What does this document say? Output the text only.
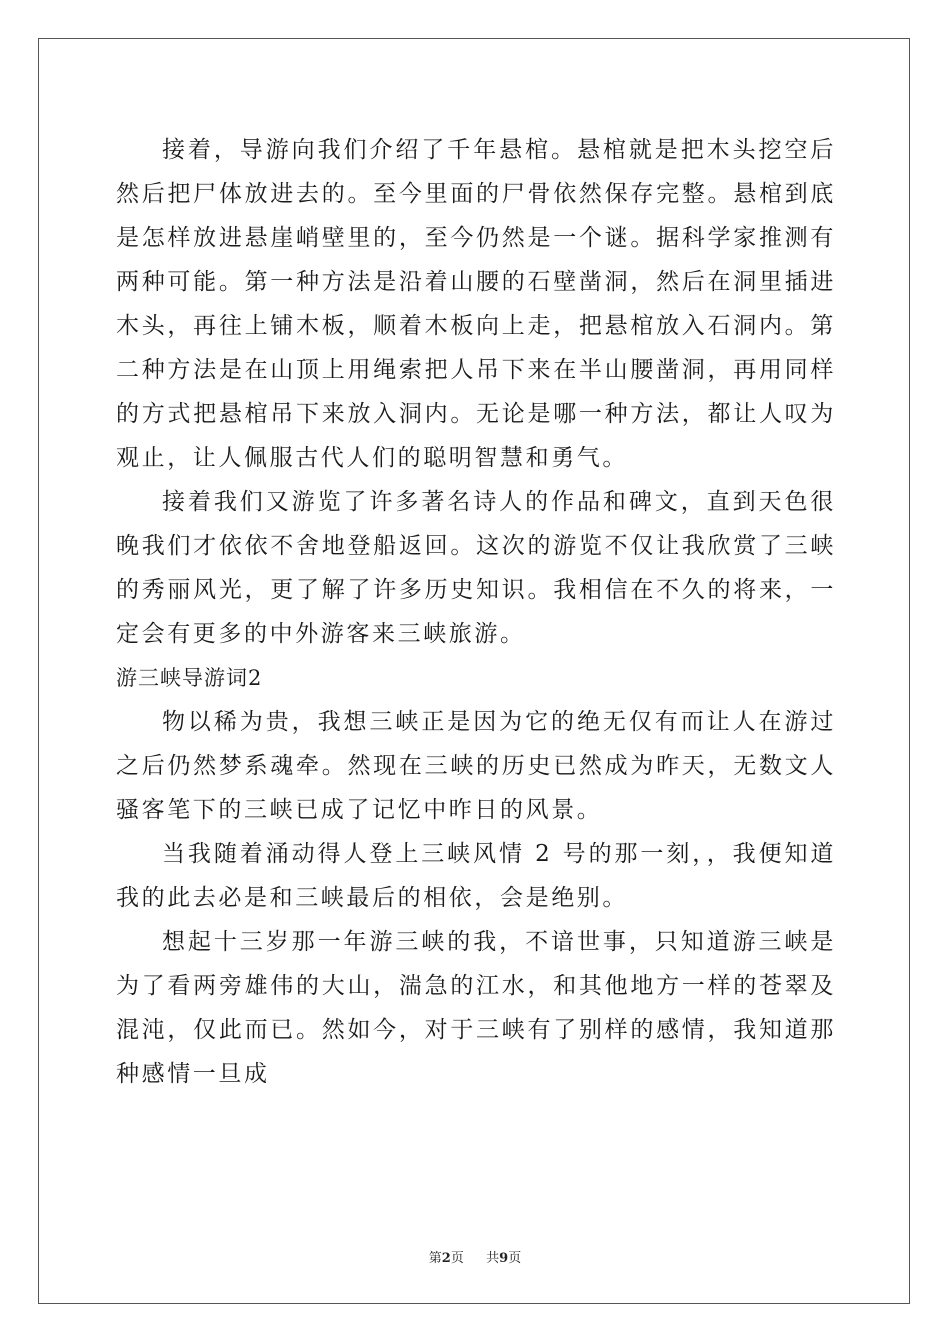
接着，导游向我们介绍了千年悬棺。悬棺就是把木头挖空后然后把尸体放进去的。至今里面的尸骨依然保存完整。悬棺到底是怎样放进悬崖峭壁里的，至今仍然是一个谜。据科学家推测有两种可能。第一种方法是沿着山腰的石壁凿洞，然后在洞里插进木头，再往上铺木板，顺着木板向上走，把悬棺放入石洞内。第二种方法是在山顶上用绳索把人吊下来在半山腰凿洞，再用同样的方式把悬棺吊下来放入洞内。无论是哪一种方法，都让人叹为观止，让人佩服古代人们的聪明智慧和勇气。

接着我们又游览了许多著名诗人的作品和碑文，直到天色很晚我们才依依不舍地登船返回。这次的游览不仅让我欣赏了三峡的秀丽风光，更了解了许多历史知识。我相信在不久的将来，一定会有更多的中外游客来三峡旅游。

游三峡导游词2

物以稀为贵，我想三峡正是因为它的绝无仅有而让人在游过之后仍然梦系魂牵。然现在三峡的历史已然成为昨天，无数文人骚客笔下的三峡已成了记忆中昨日的风景。

当我随着涌动得人登上三峡风情 2 号的那一刻，，我便知道我的此去必是和三峡最后的相依，会是绝别。

想起十三岁那一年游三峡的我，不谙世事，只知道游三峡是为了看两旁雄伟的大山，湍急的江水，和其他地方一样的苍翠及混沌，仅此而已。然如今，对于三峡有了别样的感情，我知道那种感情一旦成

第2页 共9页
